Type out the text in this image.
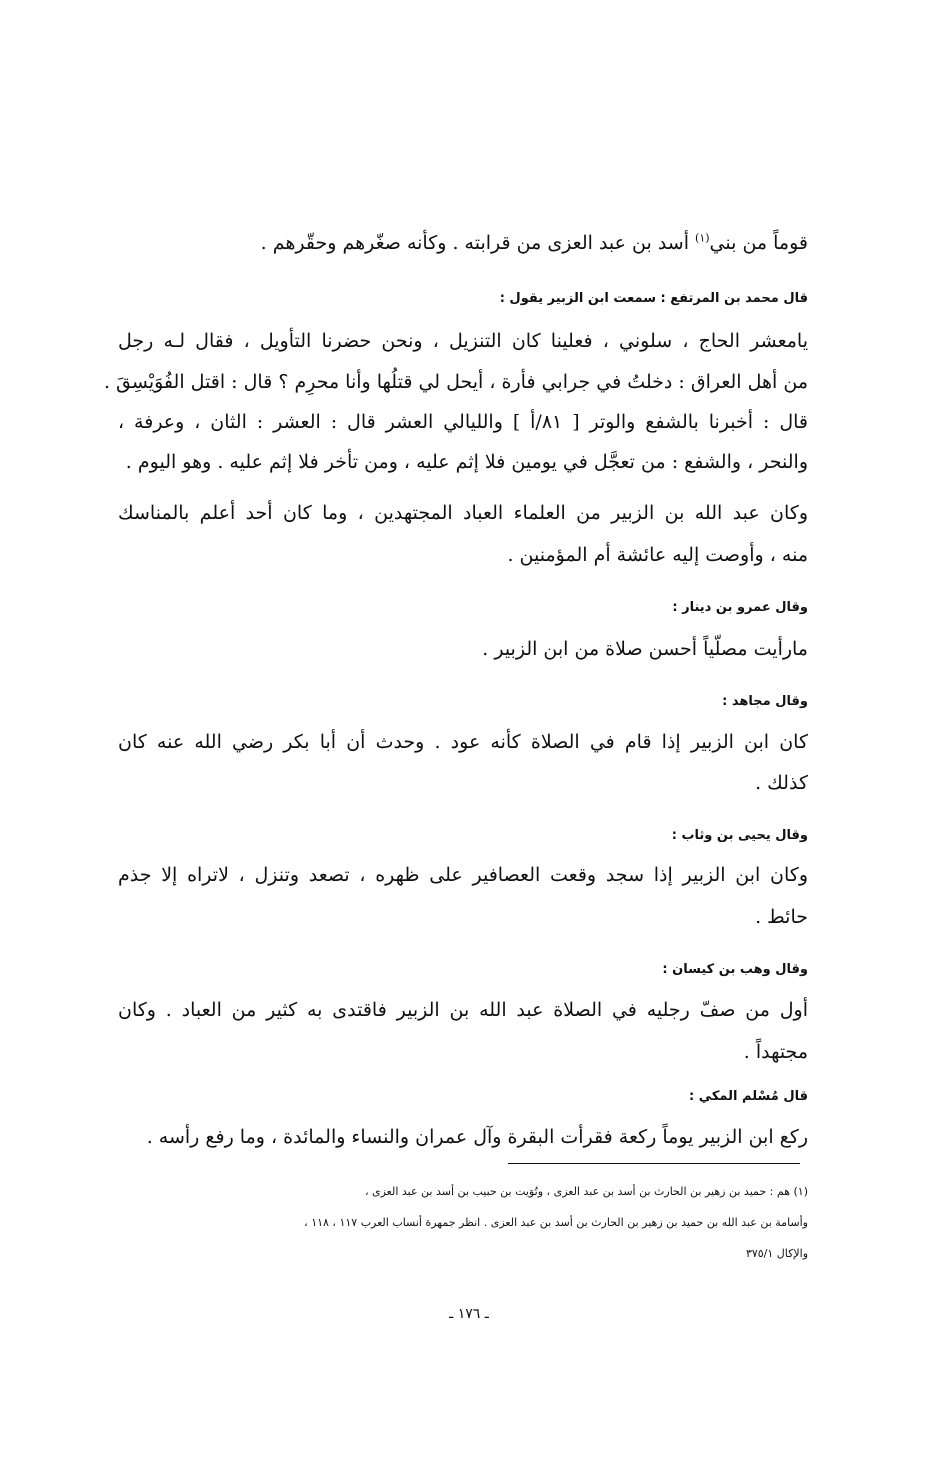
قوماً من بني$^{(١)}$ أسد بن عبد العزى من قرابته . وكأنه صغّرهم وحقّرهم .
قال محمد بن المرتفع : سمعت ابن الزبير يقول :
يامعشر الحاج ، سلوني ، فعلينا كان التنزيل ، ونحن حضرنا التأويل ، فقال لـه رجل
من أهل العراق : دخلتُ في جرابي فأرة ، أيحل لي قتلُها وأنا محرِم ؟ قال : اقتل الفُوَيْسِقَ .
قال : أخبرنا بالشفع والوتر [ ٨١/أ ] والليالي العشر قال : العشر : الثان ، وعرفة ،
والنحر ، والشفع : من تعجَّل في يومين فلا إثم عليه ، ومن تأخر فلا إثم عليه . وهو اليوم .
وكان عبد الله بن الزبير من العلماء العباد المجتهدين ، وما كان أحد أعلم بالمناسك
منه ، وأوصت إليه عائشة أم المؤمنين .
وقال عمرو بن دينار :
مارأيت مصلّياً أحسن صلاة من ابن الزبير .
وقال مجاهد :
كان ابن الزبير إذا قام في الصلاة كأنه عود . وحدث أن أبا بكر رضي الله عنه كان
كذلك .
وقال يحيى بن وثاب :
وكان ابن الزبير إذا سجد وقعت العصافير على ظهره ، تصعد وتنزل ، لاتراه إلا جذم
حائط .
وقال وهب بن كيسان :
أول من صفّ رجليه في الصلاة عبد الله بن الزبير فاقتدى به كثير من العباد . وكان
مجتهداً .
قال مُسْلم المكي :
ركع ابن الزبير يوماً ركعة فقرأت البقرة وآل عمران والنساء والمائدة ، وما رفع رأسه .
(١) هم : حميد بن زهير بن الحارث بن أسد بن عبد العزى ، وتُوَيت بن حبيب بن أسد بن عبد العزى ،
وأسامة بن عبد الله بن حميد بن زهير بن الحارث بن أسد بن عبد العزى . انظر جمهرة أنساب العرب ١١٧ ، ١١٨ ،
والإكال ٣٧٥/١
ـ ١٧٦ ـ
